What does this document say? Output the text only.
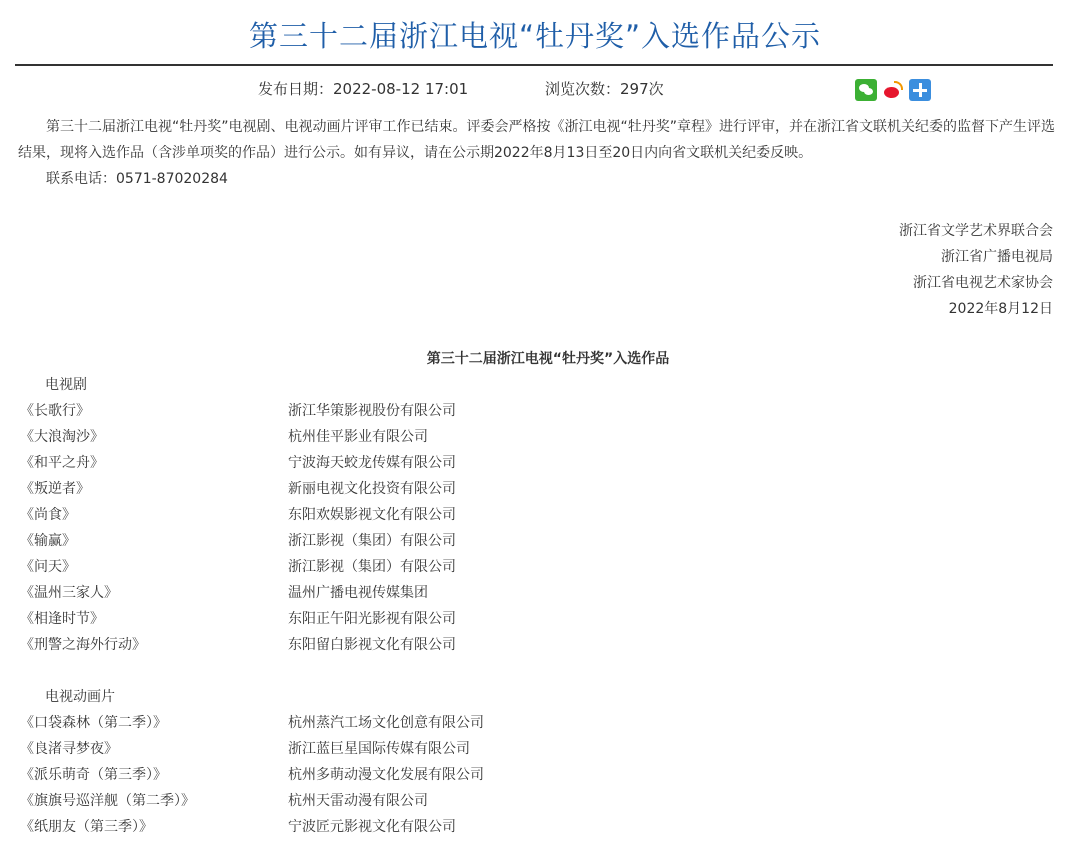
第三十二届浙江电视“牡丹奖”入选作品公示
发布日期：2022-08-12 17:01	浏览次数：297次

第三十二届浙江电视“牡丹奖”电视剧、电视动画片评审工作已结束。评委会严格按《浙江电视“牡丹奖”章程》进行评审，并在浙江省文联机关纪委的监督下产生评选结果，现将入选作品（含涉单项奖的作品）进行公示。如有异议，请在公示期2022年8月13日至20日内向省文联机关纪委反映。

联系电话：0571-87020284
浙江省文学艺术界联合会
浙江省广播电视局
浙江省电视艺术家协会
2022年8月12日
第三十二届浙江电视“牡丹奖”入选作品
电视剧
《长歌行》	浙江华策影视股份有限公司
《大浪淘沙》	杭州佳平影业有限公司
《和平之舟》	宁波海天蛟龙传媒有限公司
《叛逆者》	新丽电视文化投资有限公司
《尚食》	东阳欢娱影视文化有限公司
《输赢》	浙江影视（集团）有限公司
《问天》	浙江影视（集团）有限公司
《温州三家人》	温州广播电视传媒集团
《相逢时节》	东阳正午阳光影视有限公司
《刑警之海外行动》	东阳留白影视文化有限公司
电视动画片
《口袋森林（第二季）》	杭州蒸汽工场文化创意有限公司
《良渚寻梦夜》	浙江蓝巨星国际传媒有限公司
《派乐萌奇（第三季）》	杭州多萌动漫文化发展有限公司
《旗旗号巡洋舰（第二季）》	杭州天雷动漫有限公司
《纸朋友（第三季）》	宁波匠元影视文化有限公司
